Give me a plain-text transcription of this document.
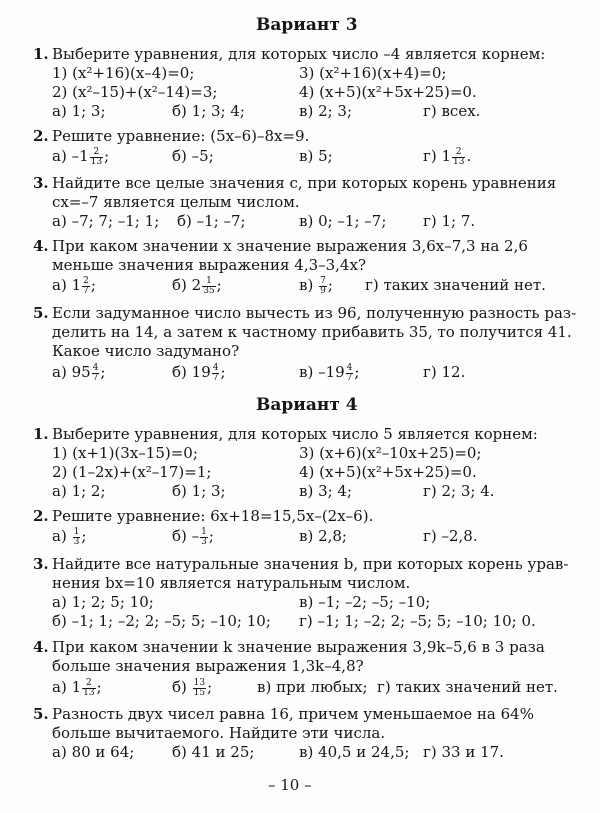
Вариант 3
1. Выберите уравнения, для которых число –4 является корнем:
1) (x²+16)(x–4)=0;	3) (x²+16)(x+4)=0;
2) (x²–15)+(x²–14)=3;	4) (x+5)(x²+5x+25)=0.
а) 1; 3;	б) 1; 3; 4;	в) 2; 3;	г) всех.
2. Решите уравнение: (5x–6)–8x=9.
а) $-1 \frac{2}{13}$ ;	б) –5;	в) 5;	г) $1 \frac{2}{13}$ .
3. Найдите все целые значения c, при которых корень уравнения
cx=–7 является целым числом.
а) –7; 7; –1; 1; б) –1; –7;	в) 0; –1; –7; г) 1; 7.
4. При каком значении x значение выражения 3,6x–7,3 на 2,6
меньше значения выражения 4,3–3,4x?
а) $1 \frac{2}{7}$ ;	б) $2 \frac{1}{35}$ ;	$в) \frac{7}{9}$ ; г) таких значений нет.
5. Если задуманное число вычесть из 96, полученную разность раз-
делить на 14, а затем к частному прибавить 35, то получится 41.
Какое число задумано?
а) $95 \frac{4}{7}$ ;	б) $19 \frac{4}{7}$ ;	в) $-19 \frac{4}{7}$ ;	г) 12.
Вариант 4
1. Выберите уравнения, для которых число 5 является корнем:
1) (x+1)(3x–15)=0;	3) (x+6)(x²–10x+25)=0;
2) (1–2x)+(x²–17)=1;	4) (x+5)(x²+5x+25)=0.
а) 1; 2;	б) 1; 3;	в) 3; 4;	г) 2; 3; 4.
2. Решите уравнение: 6x+18=15,5x–(2x–6).
$а) \frac{1}{3}$ ;	$б) - \frac{1}{3}$ ;	в) 2,8;	г) –2,8.
3. Найдите все натуральные значения b, при которых корень урав-
нения bx=10 является натуральным числом.
а) 1; 2; 5; 10;	в) –1; –2; –5; –10;
б) –1; 1; –2; 2; –5; 5; –10; 10; г) –1; 1; –2; 2; –5; 5; –10; 10; 0.
4. При каком значении k значение выражения 3,9k–5,6 в 3 раза
больше значения выражения 1,3k–4,8?
а) $1 \frac{2}{13}$ ;	$б) \frac{13}{15}$ ;	в) при любых; г) таких значений нет.
5. Разность двух чисел равна 16, причем уменьшаемое на 64%
больше вычитаемого. Найдите эти числа.
а) 80 и 64;	б) 41 и 25;	в) 40,5 и 24,5; г) 33 и 17.
– 10 –
